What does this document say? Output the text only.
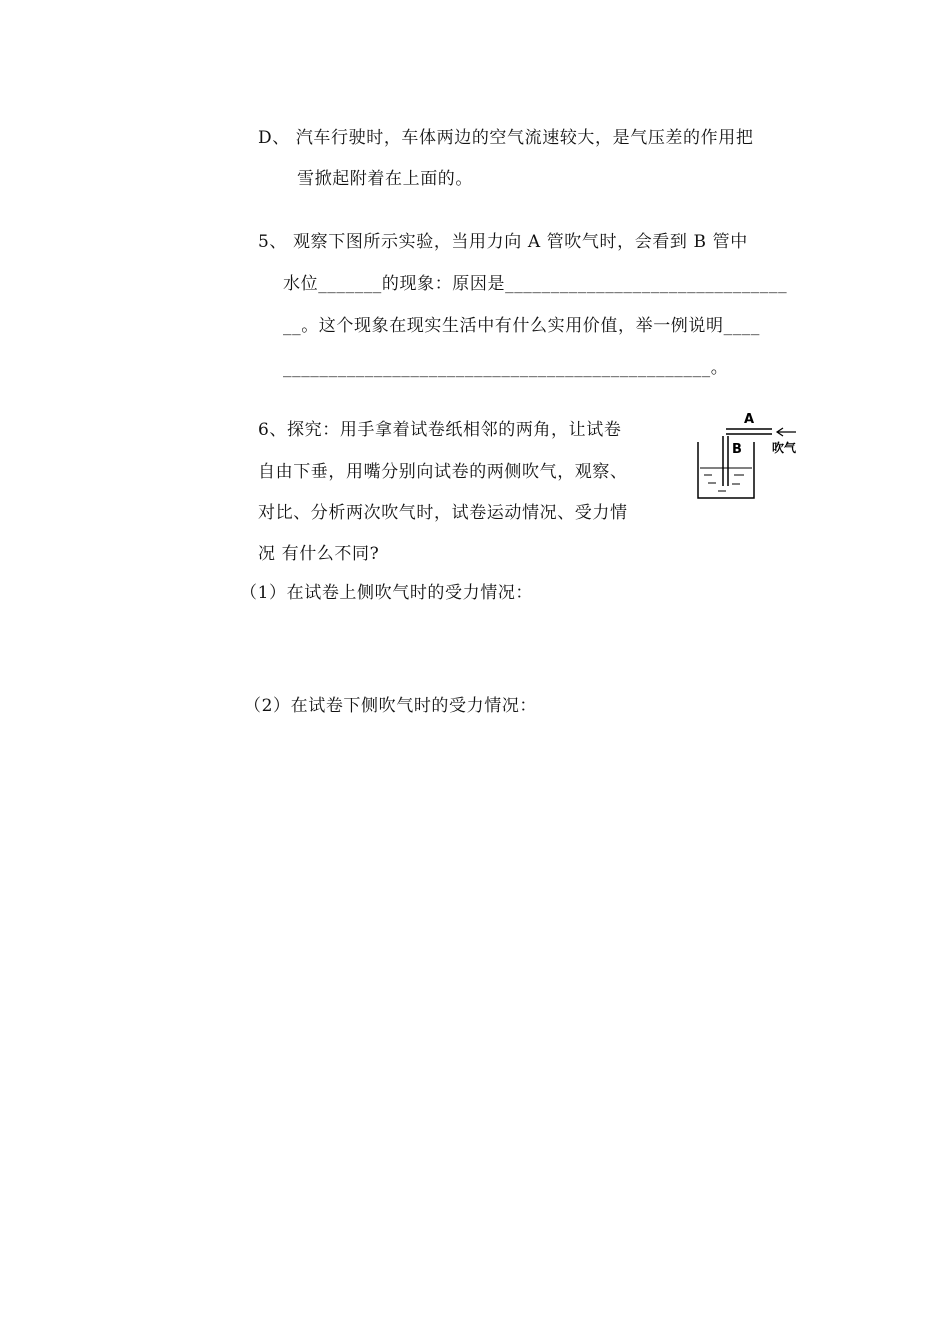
D、 汽车行驶时，车体两边的空气流速较大，是气压差的作用把
雪掀起附着在上面的。
5、 观察下图所示实验，当用力向 A 管吹气时，会看到 B 管中
水位_______的现象：原因是_______________________________
__。这个现象在现实生活中有什么实用价值，举一例说明____
_______________________________________________。
6、探究：用手拿着试卷纸相邻的两角，让试卷
自由下垂，用嘴分别向试卷的两侧吹气，观察、
对比、分析两次吹气时，试卷运动情况、受力情
况 有什么不同?
（1）在试卷上侧吹气时的受力情况：
（2）在试卷下侧吹气时的受力情况：
A
吹气
B
